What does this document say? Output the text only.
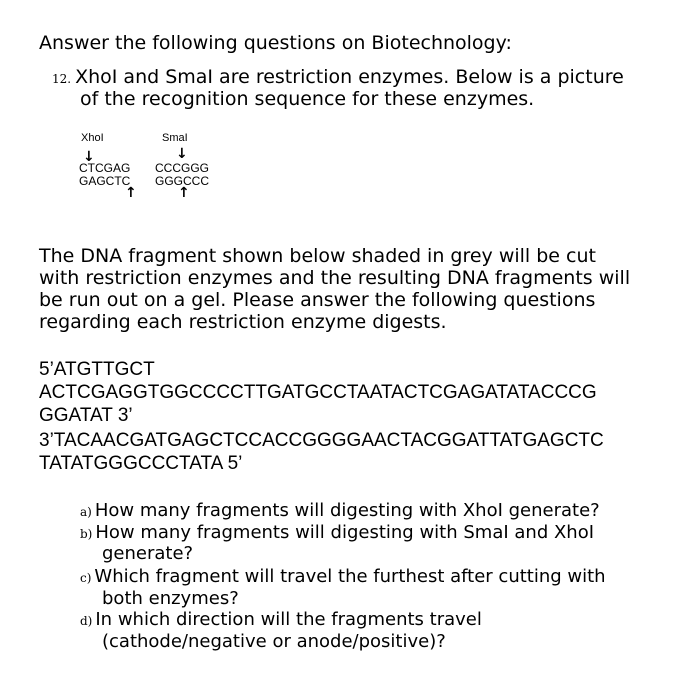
Answer the following questions on Biotechnology:
12. XhoI and SmaI are restriction enzymes. Below is a picture
of the recognition sequence for these enzymes.
XhoI
↓
CTCGAG
GAGCTC
↑
SmaI
↓
CCCGGG
GGGCCC
↑
The DNA fragment shown below shaded in grey will be cut
with restriction enzymes and the resulting DNA fragments will
be run out on a gel. Please answer the following questions
regarding each restriction enzyme digests.
5’ATGTTGCT
ACTCGAGGTGGCCCCTTGATGCCTAATACTCGAGATATACCCG
GGATAT 3’
3’TACAACGATGAGCTCCACCGGGGAACTACGGATTATGAGCTC
TATATGGGCCCTATA 5’
a) How many fragments will digesting with XhoI generate?
b) How many fragments will digesting with SmaI and XhoI
generate?
c) Which fragment will travel the furthest after cutting with
both enzymes?
d) In which direction will the fragments travel
(cathode/negative or anode/positive)?
